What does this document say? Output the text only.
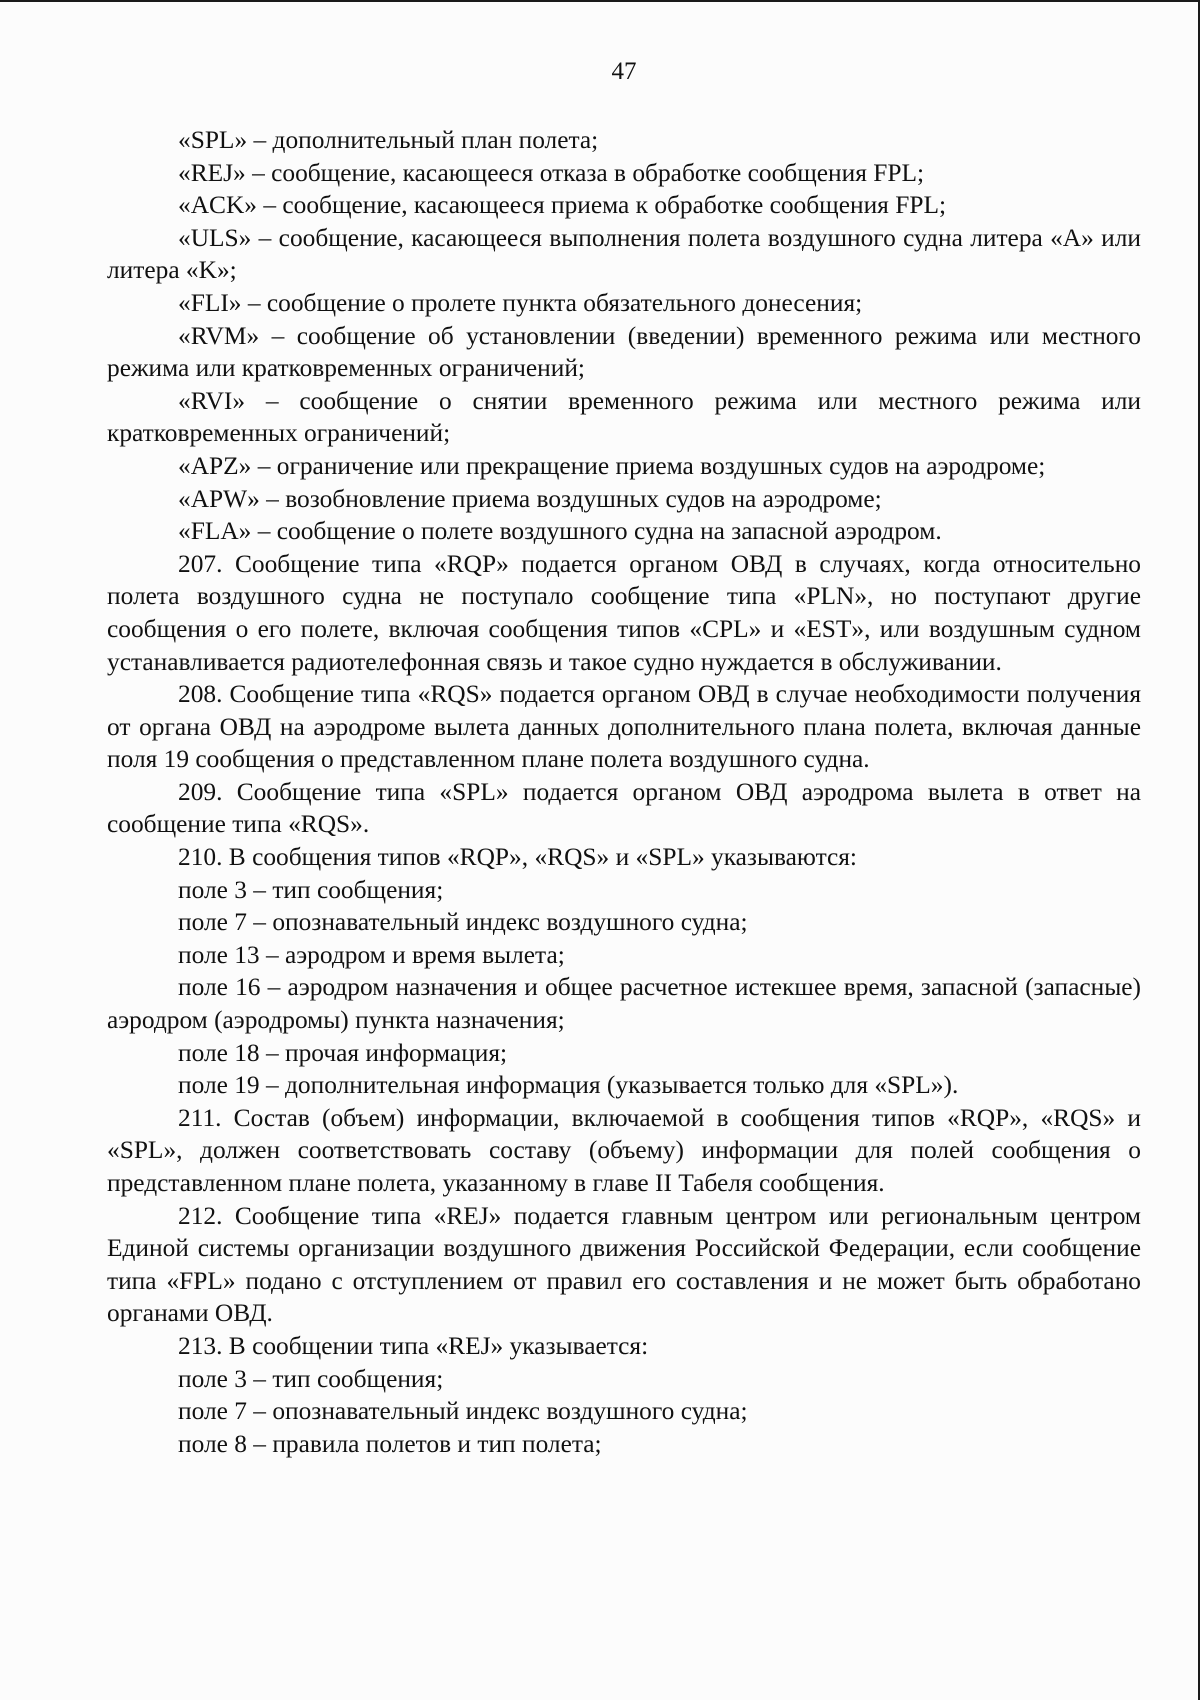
47

«SPL» – дополнительный план полета;

«REJ» – сообщение, касающееся отказа в обработке сообщения FPL;

«ACK» – сообщение, касающееся приема к обработке сообщения FPL;

«ULS» – сообщение, касающееся выполнения полета воздушного судна литера «A» или литера «K»;

«FLI» – сообщение о пролете пункта обязательного донесения;

«RVM» – сообщение об установлении (введении) временного режима или местного режима или кратковременных ограничений;

«RVI» – сообщение о снятии временного режима или местного режима или кратковременных ограничений;

«APZ» – ограничение или прекращение приема воздушных судов на аэродроме;

«APW» – возобновление приема воздушных судов на аэродроме;

«FLA» – сообщение о полете воздушного судна на запасной аэродром.

207. Сообщение типа «RQP» подается органом ОВД в случаях, когда относительно полета воздушного судна не поступало сообщение типа «PLN», но поступают другие сообщения о его полете, включая сообщения типов «CPL» и «EST», или воздушным судном устанавливается радиотелефонная связь и такое судно нуждается в обслуживании.

208. Сообщение типа «RQS» подается органом ОВД в случае необходимости получения от органа ОВД на аэродроме вылета данных дополнительного плана полета, включая данные поля 19 сообщения о представленном плане полета воздушного судна.

209. Сообщение типа «SPL» подается органом ОВД аэродрома вылета в ответ на сообщение типа «RQS».

210. В сообщения типов «RQP», «RQS» и «SPL» указываются:

поле 3 – тип сообщения;

поле 7 – опознавательный индекс воздушного судна;

поле 13 – аэродром и время вылета;

поле 16 – аэродром назначения и общее расчетное истекшее время, запасной (запасные) аэродром (аэродромы) пункта назначения;

поле 18 – прочая информация;

поле 19 – дополнительная информация (указывается только для «SPL»).

211. Состав (объем) информации, включаемой в сообщения типов «RQP», «RQS» и «SPL», должен соответствовать составу (объему) информации для полей сообщения о представленном плане полета, указанному в главе II Табеля сообщения.

212. Сообщение типа «REJ» подается главным центром или региональным центром Единой системы организации воздушного движения Российской Федерации, если сообщение типа «FPL» подано с отступлением от правил его составления и не может быть обработано органами ОВД.

213. В сообщении типа «REJ» указывается:

поле 3 – тип сообщения;

поле 7 – опознавательный индекс воздушного судна;

поле 8 – правила полетов и тип полета;
